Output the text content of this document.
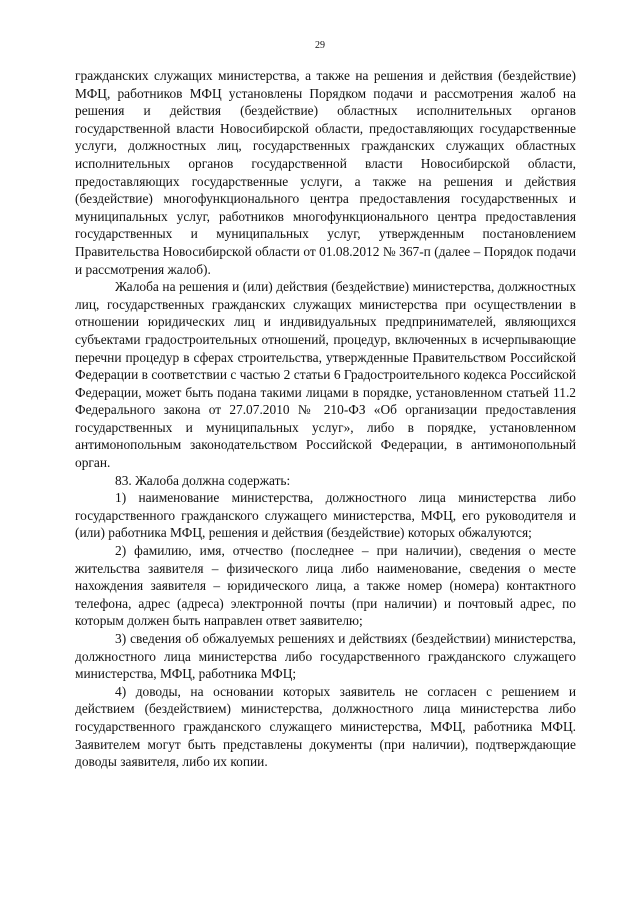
29

гражданских служащих министерства, а также на решения и действия (бездействие) МФЦ, работников МФЦ установлены Порядком подачи и рассмотрения жалоб на решения и действия (бездействие) областных исполнительных органов государственной власти Новосибирской области, предоставляющих государственные услуги, должностных лиц, государственных гражданских служащих областных исполнительных органов государственной власти Новосибирской области, предоставляющих государственные услуги, а также на решения и действия (бездействие) многофункционального центра предоставления государственных и муниципальных услуг, работников многофункционального центра предоставления государственных и муниципальных услуг, утвержденным постановлением Правительства Новосибирской области от 01.08.2012 № 367-п (далее – Порядок подачи и рассмотрения жалоб).

Жалоба на решения и (или) действия (бездействие) министерства, должностных лиц, государственных гражданских служащих министерства при осуществлении в отношении юридических лиц и индивидуальных предпринимателей, являющихся субъектами градостроительных отношений, процедур, включенных в исчерпывающие перечни процедур в сферах строительства, утвержденные Правительством Российской Федерации в соответствии с частью 2 статьи 6 Градостроительного кодекса Российской Федерации, может быть подана такими лицами в порядке, установленном статьей 11.2 Федерального закона от 27.07.2010 № 210-ФЗ «Об организации предоставления государственных и муниципальных услуг», либо в порядке, установленном антимонопольным законодательством Российской Федерации, в антимонопольный орган.

83. Жалоба должна содержать:

1) наименование министерства, должностного лица министерства либо государственного гражданского служащего министерства, МФЦ, его руководителя и (или) работника МФЦ, решения и действия (бездействие) которых обжалуются;

2) фамилию, имя, отчество (последнее – при наличии), сведения о месте жительства заявителя – физического лица либо наименование, сведения о месте нахождения заявителя – юридического лица, а также номер (номера) контактного телефона, адрес (адреса) электронной почты (при наличии) и почтовый адрес, по которым должен быть направлен ответ заявителю;

3) сведения об обжалуемых решениях и действиях (бездействии) министерства, должностного лица министерства либо государственного гражданского служащего министерства, МФЦ, работника МФЦ;

4) доводы, на основании которых заявитель не согласен с решением и действием (бездействием) министерства, должностного лица министерства либо государственного гражданского служащего министерства, МФЦ, работника МФЦ. Заявителем могут быть представлены документы (при наличии), подтверждающие доводы заявителя, либо их копии.
